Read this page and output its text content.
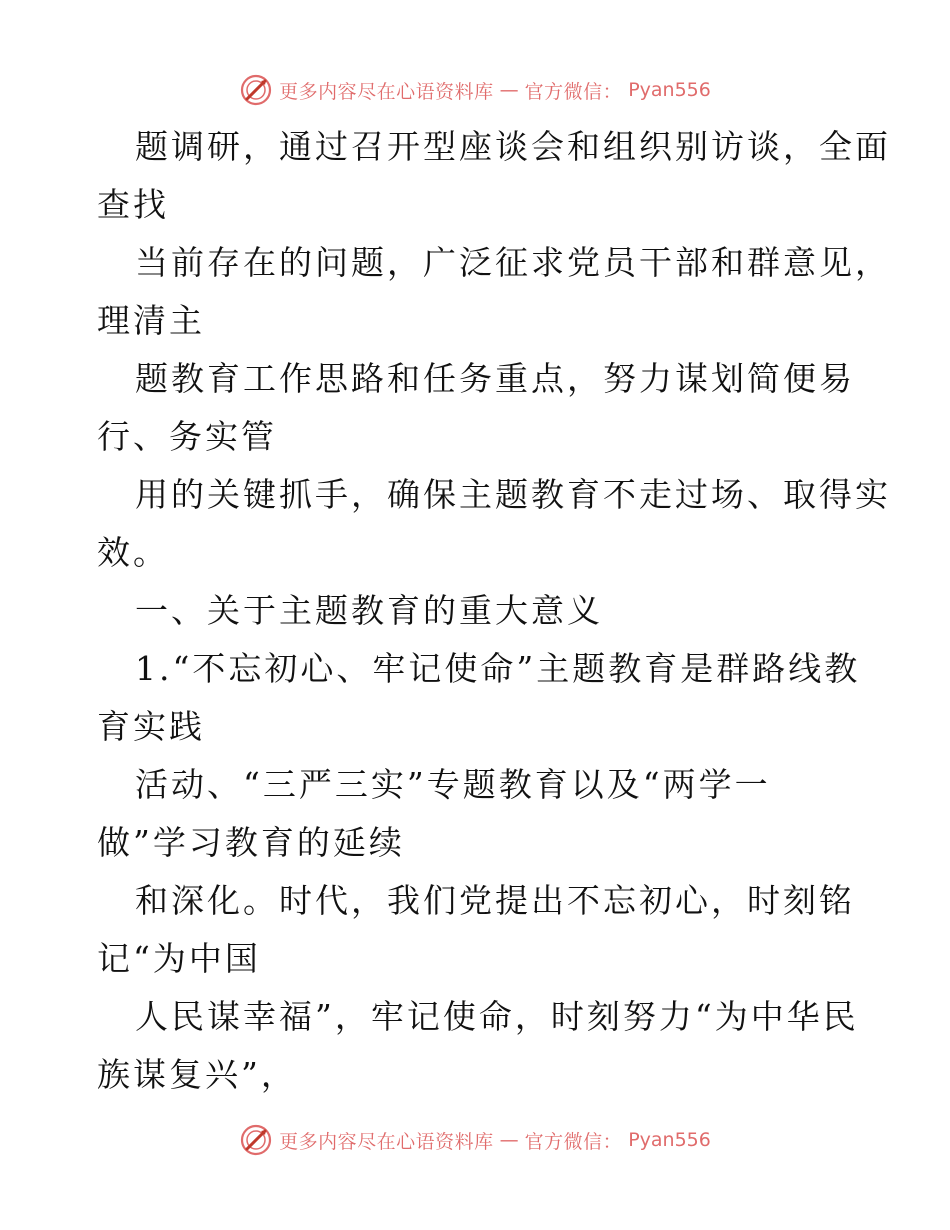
更多内容尽在心语资料库 — 官方微信： Pyan556
题调研，通过召开型座谈会和组织别访谈，全面
查找
当前存在的问题，广泛征求党员干部和群意见，
理清主
题教育工作思路和任务重点，努力谋划简便易
行、务实管
用的关键抓手，确保主题教育不走过场、取得实
效。
一、关于主题教育的重大意义
1.“不忘初心、牢记使命”主题教育是群路线教
育实践
活动、“三严三实”专题教育以及“两学一
做”学习教育的延续
和深化。时代，我们党提出不忘初心，时刻铭
记“为中国
人民谋幸福”，牢记使命，时刻努力“为中华民
族谋复兴”，
更多内容尽在心语资料库 — 官方微信： Pyan556
